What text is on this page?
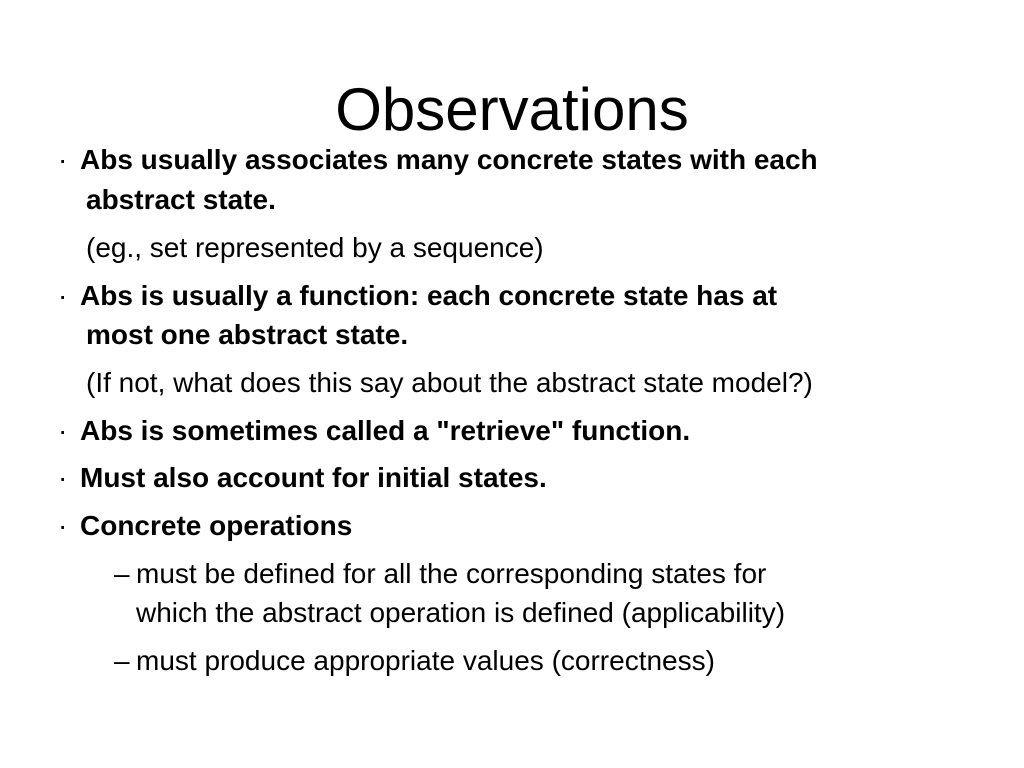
Observations
· Abs usually associates many concrete states with each
abstract state.
(eg., set represented by a sequence)
· Abs is usually a function: each concrete state has at
most one abstract state.
(If not, what does this say about the abstract state model?)
· Abs is sometimes called a "retrieve" function.
· Must also account for initial states.
· Concrete operations
– must be defined for all the corresponding states for
which the abstract operation is defined (applicability)
– must produce appropriate values (correctness)
